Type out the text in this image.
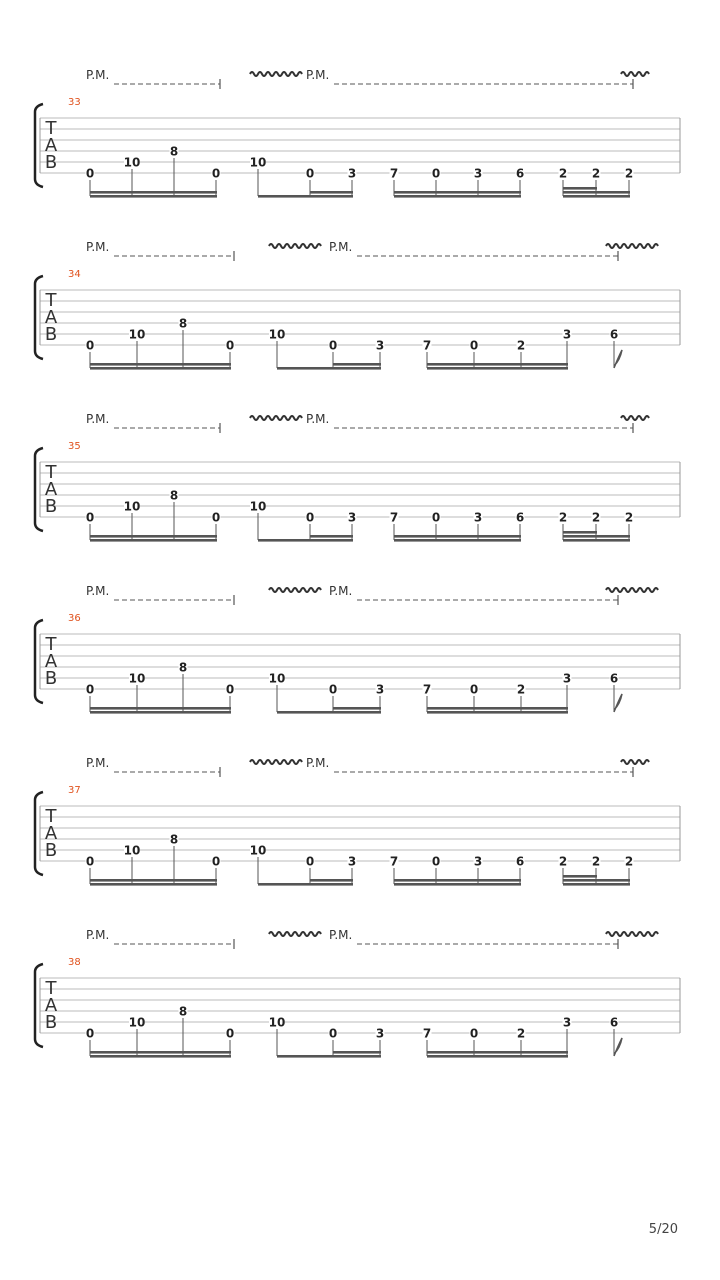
33
T
A
B
0
10
8
0
10
0	3	7	0	3	6	2 2 2
P.M.	P.M.
34
T
A
B
0
10
8
0
10
0	3	7	0	2
3	6
P.M.	P.M.
35
T
A
B
0
10
8
0
10
0	3	7	0	3	6	2 2 2
P.M.	P.M.
36
T
A
B
0
10
8
0
10
0	3	7	0	2
3	6
P.M.	P.M.
37
T
A
B
0
10
8
0
10
0	3	7	0	3	6	2 2 2
P.M.	P.M.
38
T
A
B
0
10
8
0
10
0	3	7	0	2
3	6
P.M.	P.M.
5/20
